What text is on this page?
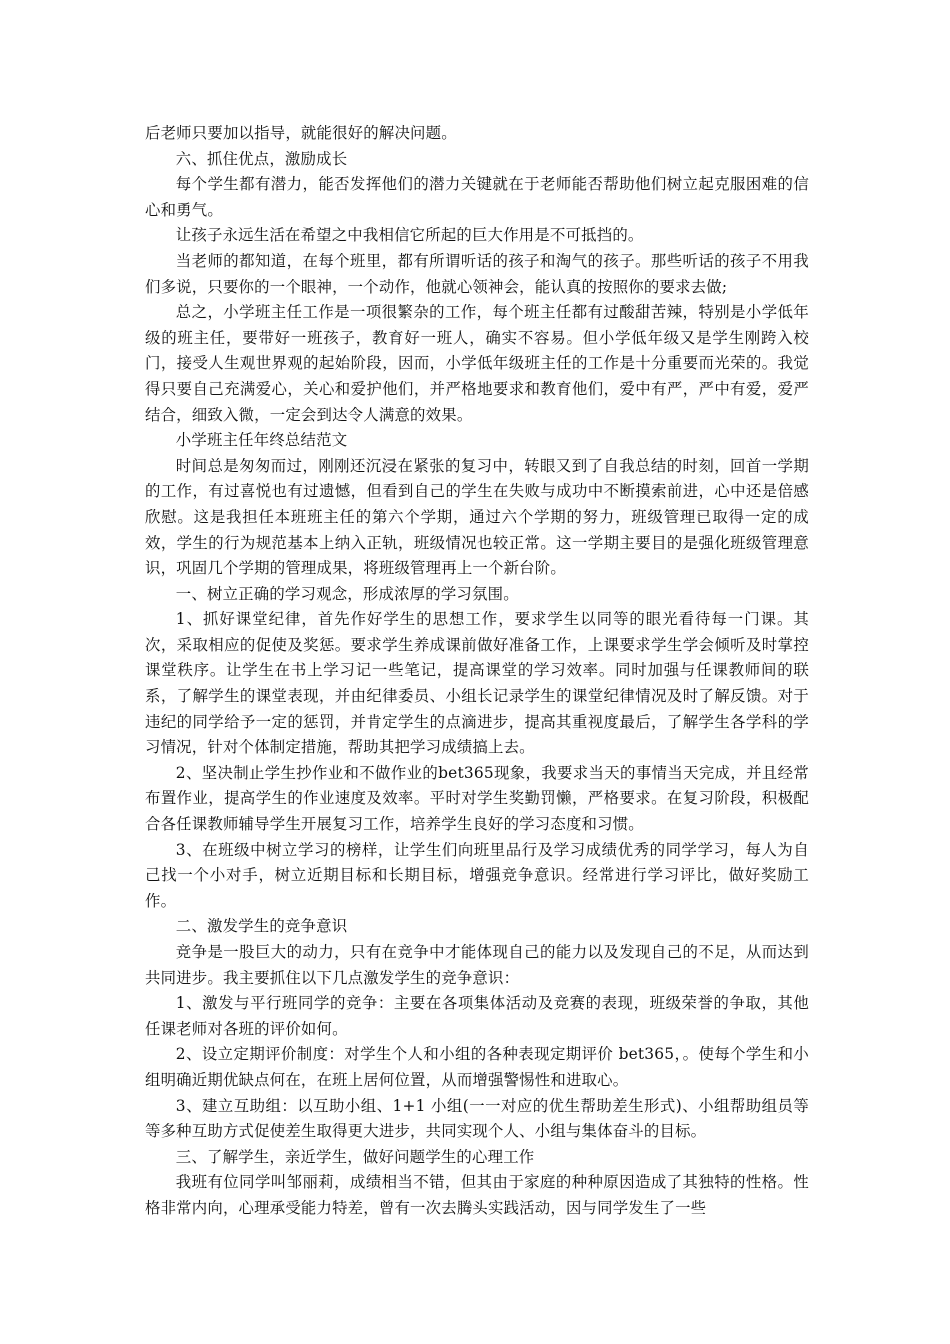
后老师只要加以指导，就能很好的解决问题。

六、抓住优点，激励成长

每个学生都有潜力，能否发挥他们的潜力关键就在于老师能否帮助他们树立起克服困难的信心和勇气。

让孩子永远生活在希望之中我相信它所起的巨大作用是不可抵挡的。

当老师的都知道，在每个班里，都有所谓听话的孩子和淘气的孩子。那些听话的孩子不用我们多说，只要你的一个眼神，一个动作，他就心领神会，能认真的按照你的要求去做;

总之，小学班主任工作是一项很繁杂的工作，每个班主任都有过酸甜苦辣，特别是小学低年级的班主任，要带好一班孩子，教育好一班人，确实不容易。但小学低年级又是学生刚跨入校门，接受人生观世界观的起始阶段，因而，小学低年级班主任的工作是十分重要而光荣的。我觉得只要自己充满爱心，关心和爱护他们，并严格地要求和教育他们，爱中有严，严中有爱，爱严结合，细致入微，一定会到达令人满意的效果。

小学班主任年终总结范文

时间总是匆匆而过，刚刚还沉浸在紧张的复习中，转眼又到了自我总结的时刻，回首一学期的工作，有过喜悦也有过遗憾，但看到自己的学生在失败与成功中不断摸索前进，心中还是倍感欣慰。这是我担任本班班主任的第六个学期，通过六个学期的努力，班级管理已取得一定的成效，学生的行为规范基本上纳入正轨，班级情况也较正常。这一学期主要目的是强化班级管理意识，巩固几个学期的管理成果，将班级管理再上一个新台阶。

一、树立正确的学习观念，形成浓厚的学习氛围。

1、抓好课堂纪律，首先作好学生的思想工作，要求学生以同等的眼光看待每一门课。其次，采取相应的促使及奖惩。要求学生养成课前做好准备工作，上课要求学生学会倾听及时掌控课堂秩序。让学生在书上学习记一些笔记，提高课堂的学习效率。同时加强与任课教师间的联系，了解学生的课堂表现，并由纪律委员、小组长记录学生的课堂纪律情况及时了解反馈。对于违纪的同学给予一定的惩罚，并肯定学生的点滴进步，提高其重视度最后，了解学生各学科的学习情况，针对个体制定措施，帮助其把学习成绩搞上去。

2、坚决制止学生抄作业和不做作业的bet365现象，我要求当天的事情当天完成，并且经常布置作业，提高学生的作业速度及效率。平时对学生奖勤罚懒，严格要求。在复习阶段，积极配合各任课教师辅导学生开展复习工作，培养学生良好的学习态度和习惯。

3、在班级中树立学习的榜样，让学生们向班里品行及学习成绩优秀的同学学习，每人为自己找一个小对手，树立近期目标和长期目标，增强竞争意识。经常进行学习评比，做好奖励工作。

二、激发学生的竞争意识

竞争是一股巨大的动力，只有在竞争中才能体现自己的能力以及发现自己的不足，从而达到共同进步。我主要抓住以下几点激发学生的竞争意识：

1、激发与平行班同学的竞争：主要在各项集体活动及竞赛的表现，班级荣誉的争取，其他任课老师对各班的评价如何。

2、设立定期评价制度：对学生个人和小组的各种表现定期评价 bet365，。使每个学生和小组明确近期优缺点何在，在班上居何位置，从而增强警惕性和进取心。

3、建立互助组：以互助小组、1+1 小组(一一对应的优生帮助差生形式)、小组帮助组员等等多种互助方式促使差生取得更大进步，共同实现个人、小组与集体奋斗的目标。

三、了解学生，亲近学生，做好问题学生的心理工作

我班有位同学叫邹丽莉，成绩相当不错，但其由于家庭的种种原因造成了其独特的性格。性格非常内向，心理承受能力特差，曾有一次去腾头实践活动，因与同学发生了一些
